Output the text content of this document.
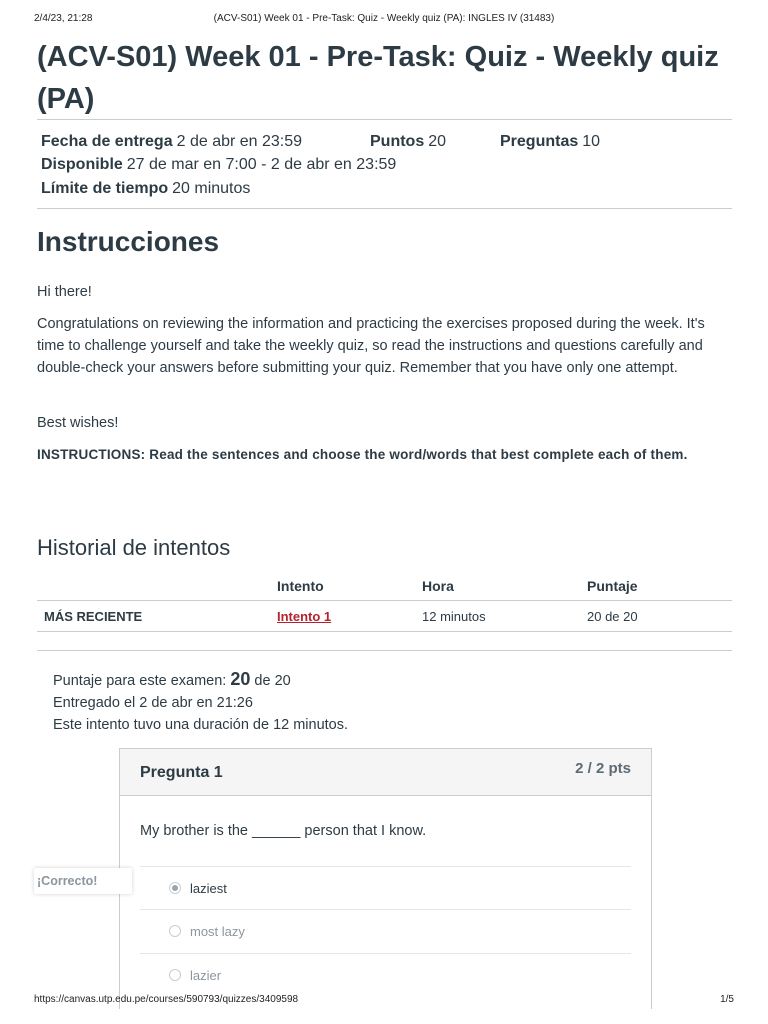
2/4/23, 21:28	(ACV-S01) Week 01 - Pre-Task: Quiz - Weekly quiz (PA): INGLES IV (31483)
(ACV-S01) Week 01 - Pre-Task: Quiz - Weekly quiz (PA)
Fecha de entrega 2 de abr en 23:59	Puntos 20	Preguntas 10
Disponible 27 de mar en 7:00 - 2 de abr en 23:59
Límite de tiempo 20 minutos
Instrucciones

Hi there!

Congratulations on reviewing the information and practicing the exercises proposed during the week. It's time to challenge yourself and take the weekly quiz, so read the instructions and questions carefully and double-check your answers before submitting your quiz. Remember that you have only one attempt.

Best wishes!

INSTRUCTIONS: Read the sentences and choose the word/words that best complete each of them.

Historial de intentos
	Intento	Hora	Puntaje
MÁS RECIENTE	Intento 1	12 minutos	20 de 20
Puntaje para este examen: 20 de 20
Entregado el 2 de abr en 21:26
Este intento tuvo una duración de 12 minutos.
Pregunta 1	2 / 2 pts
My brother is the ______ person that I know.
laziest
most lazy
lazier
¡Correcto!
https://canvas.utp.edu.pe/courses/590793/quizzes/3409598	1/5
